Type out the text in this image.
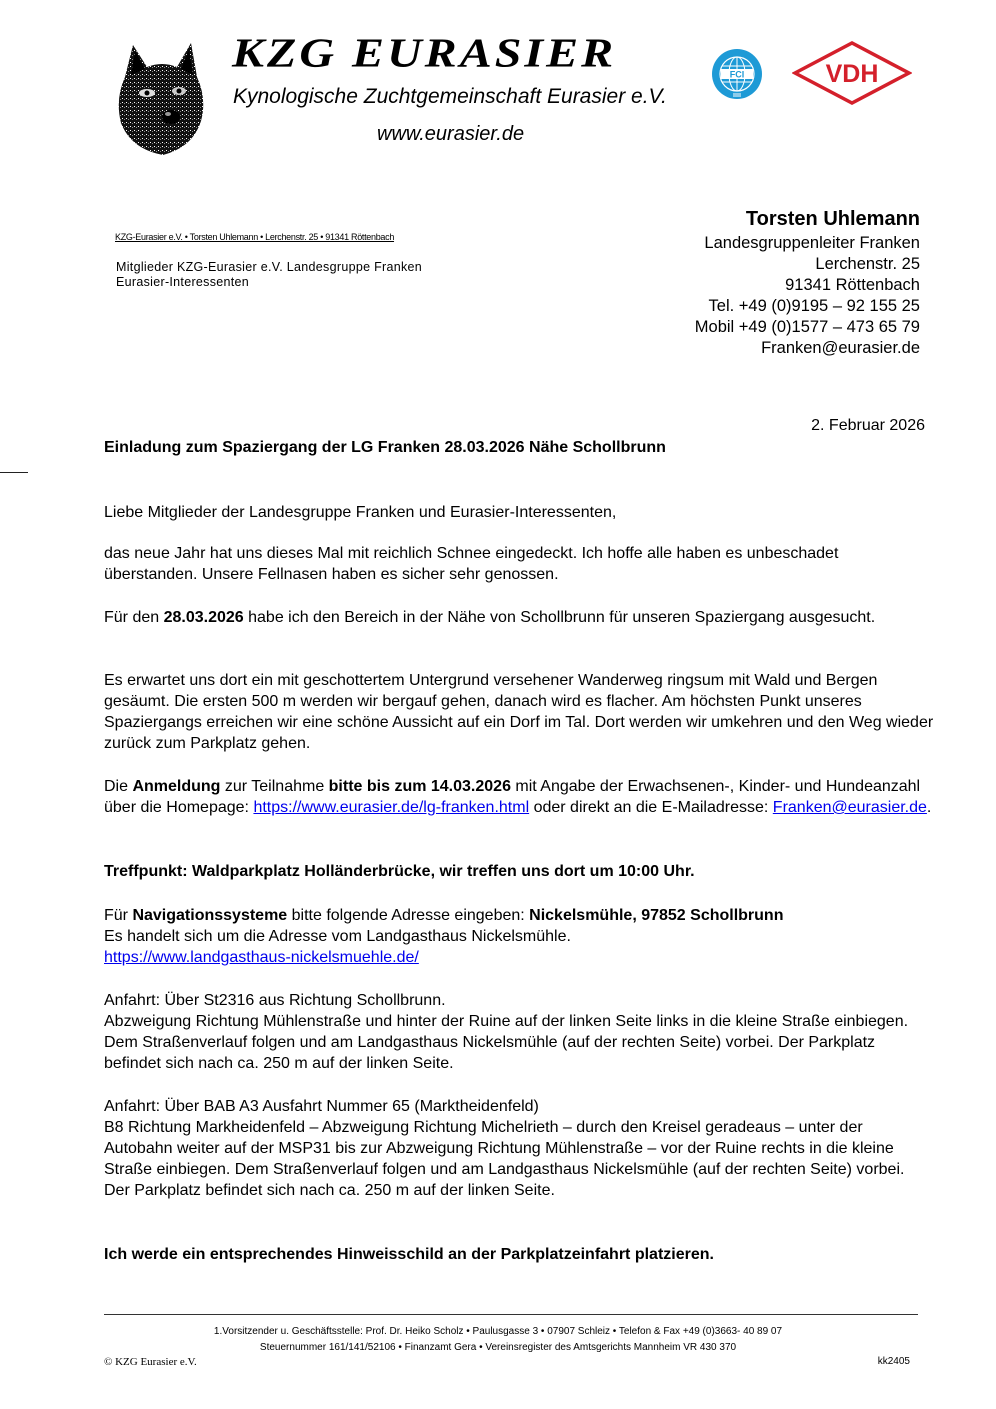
KZG EURASIER
Kynologische Zuchtgemeinschaft Eurasier e.V.
www.eurasier.de
FCI	VDH
KZG-Eurasier e.V. • Torsten Uhlemann • Lerchenstr. 25 • 91341 Röttenbach
Mitglieder KZG-Eurasier e.V. Landesgruppe Franken
Eurasier-Interessenten
Torsten Uhlemann
Landesgruppenleiter Franken
Lerchenstr. 25
91341 Röttenbach
Tel. +49 (0)9195 – 92 155 25
Mobil +49 (0)1577 – 473 65 79
Franken@eurasier.de
2. Februar 2026
Einladung zum Spaziergang der LG Franken 28.03.2026 Nähe Schollbrunn

Liebe Mitglieder der Landesgruppe Franken und Eurasier-Interessenten,

das neue Jahr hat uns dieses Mal mit reichlich Schnee eingedeckt. Ich hoffe alle haben es unbeschadet überstanden. Unsere Fellnasen haben es sicher sehr genossen.

Für den 28.03.2026 habe ich den Bereich in der Nähe von Schollbrunn für unseren Spaziergang ausgesucht.

Es erwartet uns dort ein mit geschottertem Untergrund versehener Wanderweg ringsum mit Wald und Bergen gesäumt. Die ersten 500 m werden wir bergauf gehen, danach wird es flacher. Am höchsten Punkt unseres Spaziergangs erreichen wir eine schöne Aussicht auf ein Dorf im Tal. Dort werden wir umkehren und den Weg wieder zurück zum Parkplatz gehen.

Die Anmeldung zur Teilnahme bitte bis zum 14.03.2026 mit Angabe der Erwachsenen-, Kinder- und Hundeanzahl über die Homepage: https://www.eurasier.de/lg-franken.html oder direkt an die E-Mailadresse: Franken@eurasier.de.

Treffpunkt: Waldparkplatz Holländerbrücke, wir treffen uns dort um 10:00 Uhr.

Für Navigationssysteme bitte folgende Adresse eingeben: Nickelsmühle, 97852 Schollbrunn

Es handelt sich um die Adresse vom Landgasthaus Nickelsmühle.

https://www.landgasthaus-nickelsmuehle.de/

Anfahrt: Über St2316 aus Richtung Schollbrunn.

Abzweigung Richtung Mühlenstraße und hinter der Ruine auf der linken Seite links in die kleine Straße einbiegen. Dem Straßenverlauf folgen und am Landgasthaus Nickelsmühle (auf der rechten Seite) vorbei. Der Parkplatz befindet sich nach ca. 250 m auf der linken Seite.

Anfahrt: Über BAB A3 Ausfahrt Nummer 65 (Marktheidenfeld)

B8 Richtung Markheidenfeld – Abzweigung Richtung Michelrieth – durch den Kreisel geradeaus – unter der Autobahn weiter auf der MSP31 bis zur Abzweigung Richtung Mühlenstraße – vor der Ruine rechts in die kleine Straße einbiegen. Dem Straßenverlauf folgen und am Landgasthaus Nickelsmühle (auf der rechten Seite) vorbei. Der Parkplatz befindet sich nach ca. 250 m auf der linken Seite.

Ich werde ein entsprechendes Hinweisschild an der Parkplatzeinfahrt platzieren.

1.Vorsitzender u. Geschäftsstelle: Prof. Dr. Heiko Scholz • Paulusgasse 3 • 07907 Schleiz • Telefon & Fax +49 (0)3663- 40 89 07
Steuernummer 161/141/52106 • Finanzamt Gera • Vereinsregister des Amtsgerichts Mannheim VR 430 370
© KZG Eurasier e.V.	kk2405
